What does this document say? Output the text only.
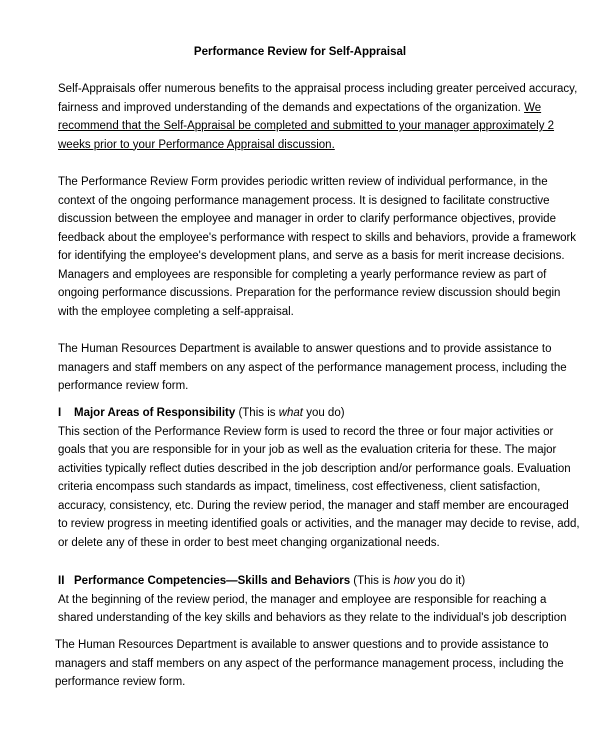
Performance Review for Self-Appraisal
Self-Appraisals offer numerous benefits to the appraisal process including greater perceived accuracy,
fairness and improved understanding of the demands and expectations of the organization. We
recommend that the Self-Appraisal be completed and submitted to your manager approximately 2
weeks prior to your Performance Appraisal discussion.
The Performance Review Form provides periodic written review of individual performance, in the
context of the ongoing performance management process. It is designed to facilitate constructive
discussion between the employee and manager in order to clarify performance objectives, provide
feedback about the employee's performance with respect to skills and behaviors, provide a framework
for identifying the employee's development plans, and serve as a basis for merit increase decisions.
Managers and employees are responsible for completing a yearly performance review as part of
ongoing performance discussions. Preparation for the performance review discussion should begin
with the employee completing a self-appraisal.
The Human Resources Department is available to answer questions and to provide assistance to
managers and staff members on any aspect of the performance management process, including the
performance review form.
I Major Areas of Responsibility (This is what you do)
This section of the Performance Review form is used to record the three or four major activities or
goals that you are responsible for in your job as well as the evaluation criteria for these. The major
activities typically reflect duties described in the job description and/or performance goals. Evaluation
criteria encompass such standards as impact, timeliness, cost effectiveness, client satisfaction,
accuracy, consistency, etc. During the review period, the manager and staff member are encouraged
to review progress in meeting identified goals or activities, and the manager may decide to revise, add,
or delete any of these in order to best meet changing organizational needs.
II Performance Competencies—Skills and Behaviors (This is how you do it)
At the beginning of the review period, the manager and employee are responsible for reaching a
shared understanding of the key skills and behaviors as they relate to the individual's job description
The Human Resources Department is available to answer questions and to provide assistance to
managers and staff members on any aspect of the performance management process, including the
performance review form.
